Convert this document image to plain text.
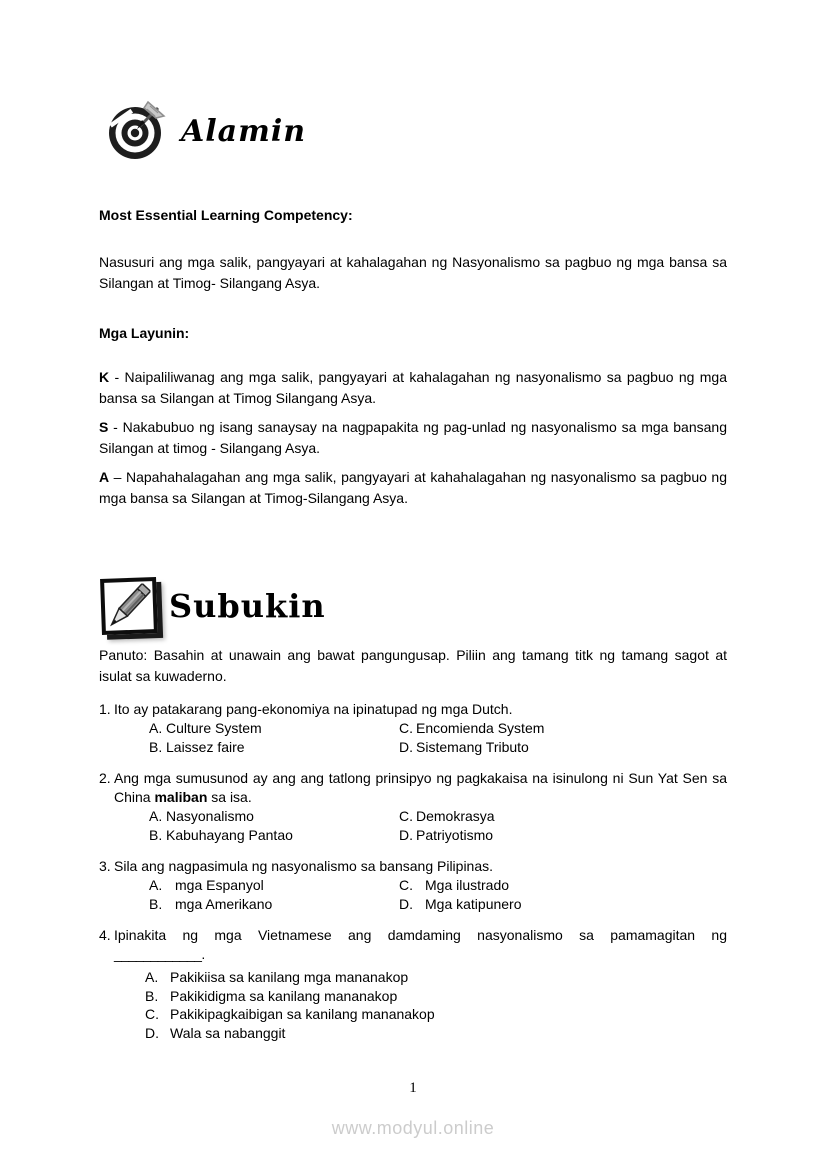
Alamin

Most Essential Learning Competency:

Nasusuri ang mga salik, pangyayari at kahalagahan ng Nasyonalismo sa pagbuo ng mga bansa sa Silangan at Timog- Silangang Asya.

Mga Layunin:

K - Naipaliliwanag ang mga salik, pangyayari at kahalagahan ng nasyonalismo sa pagbuo ng mga bansa sa Silangan at Timog Silangang Asya.

S - Nakabubuo ng isang sanaysay na nagpapakita ng pag-unlad ng nasyonalismo sa mga bansang Silangan at timog - Silangang Asya.

A – Napahahalagahan ang mga salik, pangyayari at kahahalagahan ng nasyonalismo sa pagbuo ng mga bansa sa Silangan at Timog-Silangang Asya.

Subukin

Panuto: Basahin at unawain ang bawat pangungusap. Piliin ang tamang titk ng tamang sagot at isulat sa kuwaderno.

1. Ito ay patakarang pang-ekonomiya na ipinatupad ng mga Dutch.
A. Culture System
B. Laissez faire
C. Encomienda System
D. Sistemang Tributo
2. Ang mga sumusunod ay ang ang tatlong prinsipyo ng pagkakaisa na isinulong ni Sun Yat Sen sa China maliban sa isa.
A. Nasyonalismo
B. Kabuhayang Pantao
C. Demokrasya
D. Patriyotismo
3. Sila ang nagpasimula ng nasyonalismo sa bansang Pilipinas.
A. mga Espanyol
B. mga Amerikano
C. Mga ilustrado
D. Mga katipunero
4. Ipinakita ng mga Vietnamese ang damdaming nasyonalismo sa pamamagitan ng
____________.
A. Pakikiisa sa kanilang mga mananakop
B. Pakikidigma sa kanilang mananakop
C. Pakikipagkaibigan sa kanilang mananakop
D. Wala sa nabanggit
1
www.modyul.online
